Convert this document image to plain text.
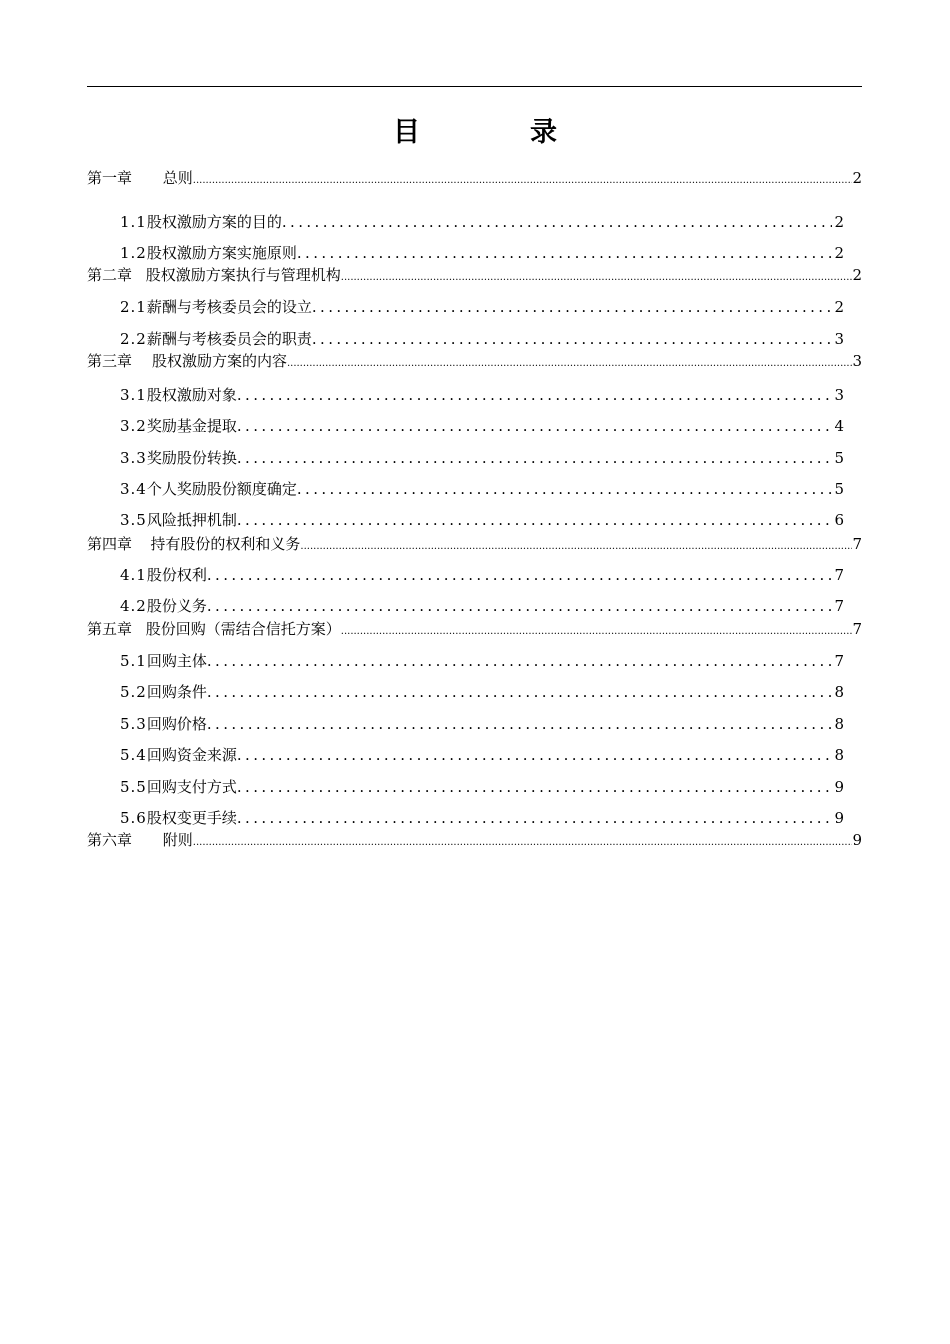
目	录
第一章	总则 .....	2
1.1 股权激励方案的目的 .....	2
1.2 股权激励方案实施原则 .....	2
第二章 股权激励方案执行与管理机构 .....	2
2.1 薪酬与考核委员会的设立 .....	2
2.2 薪酬与考核委员会的职责 .....	3
第三章	股权激励方案的内容 .....	3
3.1 股权激励对象 .....	3
3.2 奖励基金提取 .....	4
3.3 奖励股份转换 .....	5
3.4 个人奖励股份额度确定 .....	5
3.5 风险抵押机制 .....	6
第四章	持有股份的权利和义务 .....	7
4.1 股份权利 .....	7
4.2 股份义务 .....	7
第五章 股份回购（需结合信托方案） .....	7
5.1 回购主体 .....	7
5.2 回购条件 .....	8
5.3 回购价格 .....	8
5.4 回购资金来源 .....	8
5.5 回购支付方式 .....	9
5.6 股权变更手续 .....	9
第六章	附则 .....	9
